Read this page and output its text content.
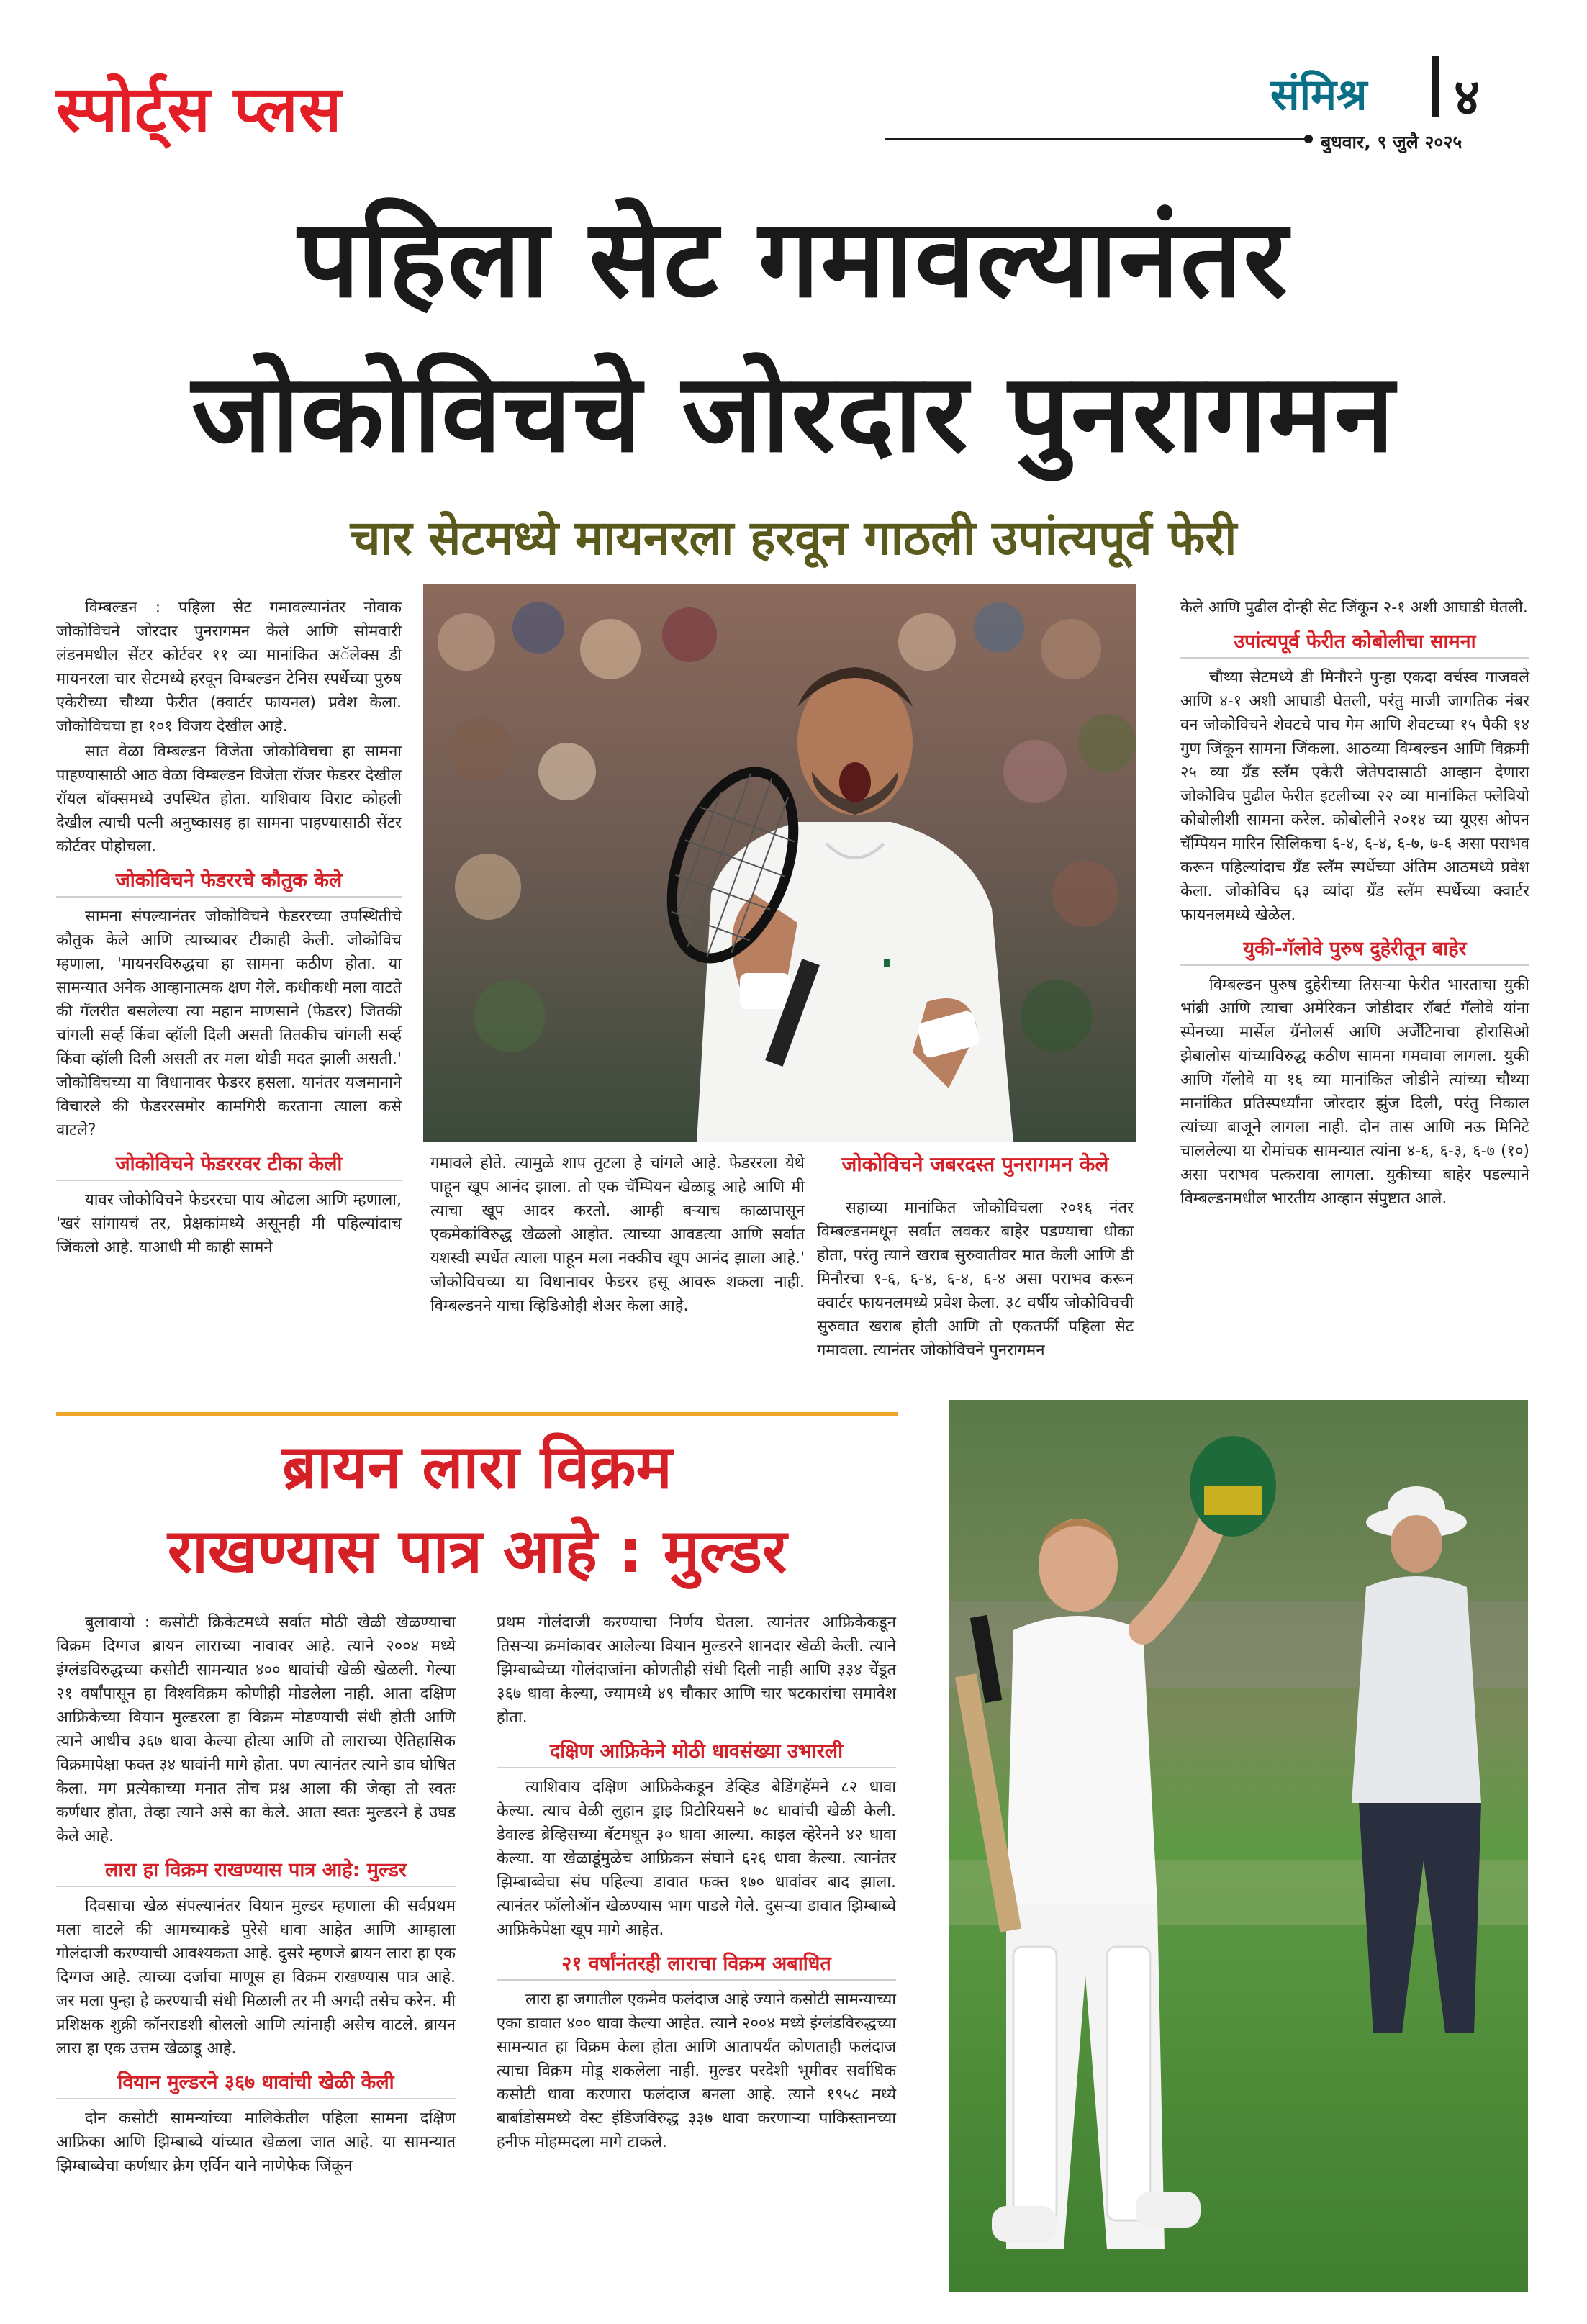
स्पोर्ट्स प्लस	संमिश्र ४
बुधवार, ९ जुलै २०२५
पहिला सेट गमावल्यानंतर
जोकोविचचे जोरदार पुनरागमन
चार सेटमध्ये मायनरला हरवून गाठली उपांत्यपूर्व फेरी

विम्बल्डन : पहिला सेट गमावल्यानंतर नोवाक जोकोविचने जोरदार पुनरागमन केले आणि सोमवारी लंडनमधील सेंटर कोर्टवर ११ व्या मानांकित अॅलेक्स डी मायनरला चार सेटमध्ये हरवून विम्बल्डन टेनिस स्पर्धेच्या पुरुष एकेरीच्या चौथ्या फेरीत (क्वार्टर फायनल) प्रवेश केला. जोकोविचचा हा १०१ विजय देखील आहे.

सात वेळा विम्बल्डन विजेता जोकोविचचा हा सामना पाहण्यासाठी आठ वेळा विम्बल्डन विजेता रॉजर फेडरर देखील रॉयल बॉक्समध्ये उपस्थित होता. याशिवाय विराट कोहली देखील त्याची पत्नी अनुष्कासह हा सामना पाहण्यासाठी सेंटर कोर्टवर पोहोचला.

जोकोविचने फेडररचे कौतुक केले

सामना संपल्यानंतर जोकोविचने फेडररच्या उपस्थितीचे कौतुक केले आणि त्याच्यावर टीकाही केली. जोकोविच म्हणाला, 'मायनरविरुद्धचा हा सामना कठीण होता. या सामन्यात अनेक आव्हानात्मक क्षण गेले. कधीकधी मला वाटते की गॅलरीत बसलेल्या त्या महान माणसाने (फेडरर) जितकी चांगली सर्व्ह किंवा व्हॉली दिली असती तितकीच चांगली सर्व्ह किंवा व्हॉली दिली असती तर मला थोडी मदत झाली असती.' जोकोविचच्या या विधानावर फेडरर हसला. यानंतर यजमानाने विचारले की फेडररसमोर कामगिरी करताना त्याला कसे वाटले?

जोकोविचने फेडररवर टीका केली

यावर जोकोविचने फेडररचा पाय ओढला आणि म्हणाला, 'खरं सांगायचं तर, प्रेक्षकांमध्ये असूनही मी पहिल्यांदाच जिंकलो आहे. याआधी मी काही सामने

जोकोविचने जबरदस्त पुनरागमन केले

गमावले होते. त्यामुळे शाप तुटला हे चांगले आहे. फेडररला येथे पाहून खूप आनंद झाला. तो एक चॅम्पियन खेळाडू आहे आणि मी त्याचा खूप आदर करतो. आम्ही बऱ्याच काळापासून एकमेकांविरुद्ध खेळलो आहोत. त्याच्या आवडत्या आणि सर्वात यशस्वी स्पर्धेत त्याला पाहून मला नक्कीच खूप आनंद झाला आहे.' जोकोविचच्या या विधानावर फेडरर हसू आवरू शकला नाही. विम्बल्डनने याचा व्हिडिओही शेअर केला आहे.

सहाव्या मानांकित जोकोविचला २०१६ नंतर विम्बल्डनमधून सर्वात लवकर बाहेर पडण्याचा धोका होता, परंतु त्याने खराब सुरुवातीवर मात केली आणि डी मिनौरचा १-६, ६-४, ६-४, ६-४ असा पराभव करून क्वार्टर फायनलमध्ये प्रवेश केला. ३८ वर्षीय जोकोविचची सुरुवात खराब होती आणि तो एकतर्फी पहिला सेट गमावला. त्यानंतर जोकोविचने पुनरागमन

केले आणि पुढील दोन्ही सेट जिंकून २-१ अशी आघाडी घेतली.

उपांत्यपूर्व फेरीत कोबोलीचा सामना

चौथ्या सेटमध्ये डी मिनौरने पुन्हा एकदा वर्चस्व गाजवले आणि ४-१ अशी आघाडी घेतली, परंतु माजी जागतिक नंबर वन जोकोविचने शेवटचे पाच गेम आणि शेवटच्या १५ पैकी १४ गुण जिंकून सामना जिंकला. आठव्या विम्बल्डन आणि विक्रमी २५ व्या ग्रँड स्लॅम एकेरी जेतेपदासाठी आव्हान देणारा जोकोविच पुढील फेरीत इटलीच्या २२ व्या मानांकित फ्लेवियो कोबोलीशी सामना करेल. कोबोलीने २०१४ च्या यूएस ओपन चॅम्पियन मारिन सिलिकचा ६-४, ६-४, ६-७, ७-६ असा पराभव करून पहिल्यांदाच ग्रँड स्लॅम स्पर्धेच्या अंतिम आठमध्ये प्रवेश केला. जोकोविच ६३ व्यांदा ग्रँड स्लॅम स्पर्धेच्या क्वार्टर फायनलमध्ये खेळेल.

युकी-गॅलोवे पुरुष दुहेरीतून बाहेर

विम्बल्डन पुरुष दुहेरीच्या तिसऱ्या फेरीत भारताचा युकी भांब्री आणि त्याचा अमेरिकन जोडीदार रॉबर्ट गॅलोवे यांना स्पेनच्या मार्सेल ग्रॅनोलर्स आणि अर्जेंटिनाचा होरासिओ झेबालोस यांच्याविरुद्ध कठीण सामना गमवावा लागला. युकी आणि गॅलोवे या १६ व्या मानांकित जोडीने त्यांच्या चौथ्या मानांकित प्रतिस्पर्ध्यांना जोरदार झुंज दिली, परंतु निकाल त्यांच्या बाजूने लागला नाही. दोन तास आणि नऊ मिनिटे चाललेल्या या रोमांचक सामन्यात त्यांना ४-६, ६-३, ६-७ (१०) असा पराभव पत्करावा लागला. युकीच्या बाहेर पडल्याने विम्बल्डनमधील भारतीय आव्हान संपुष्टात आले.

ब्रायन लारा विक्रम
राखण्यास पात्र आहे : मुल्डर

बुलावायो : कसोटी क्रिकेटमध्ये सर्वात मोठी खेळी खेळण्याचा विक्रम दिग्गज ब्रायन लाराच्या नावावर आहे. त्याने २००४ मध्ये इंग्लंडविरुद्धच्या कसोटी सामन्यात ४०० धावांची खेळी खेळली. गेल्या २१ वर्षांपासून हा विश्वविक्रम कोणीही मोडलेला नाही. आता दक्षिण आफ्रिकेच्या वियान मुल्डरला हा विक्रम मोडण्याची संधी होती आणि त्याने आधीच ३६७ धावा केल्या होत्या आणि तो लाराच्या ऐतिहासिक विक्रमापेक्षा फक्त ३४ धावांनी मागे होता. पण त्यानंतर त्याने डाव घोषित केला. मग प्रत्येकाच्या मनात तोच प्रश्न आला की जेव्हा तो स्वतः कर्णधार होता, तेव्हा त्याने असे का केले. आता स्वतः मुल्डरने हे उघड केले आहे.

लारा हा विक्रम राखण्यास पात्र आहे: मुल्डर

दिवसाचा खेळ संपल्यानंतर वियान मुल्डर म्हणाला की सर्वप्रथम मला वाटले की आमच्याकडे पुरेसे धावा आहेत आणि आम्हाला गोलंदाजी करण्याची आवश्यकता आहे. दुसरे म्हणजे ब्रायन लारा हा एक दिग्गज आहे. त्याच्या दर्जाचा माणूस हा विक्रम राखण्यास पात्र आहे. जर मला पुन्हा हे करण्याची संधी मिळाली तर मी अगदी तसेच करेन. मी प्रशिक्षक शुक्री कॉनराडशी बोललो आणि त्यांनाही असेच वाटले. ब्रायन लारा हा एक उत्तम खेळाडू आहे.

वियान मुल्डरने ३६७ धावांची खेळी केली

दोन कसोटी सामन्यांच्या मालिकेतील पहिला सामना दक्षिण आफ्रिका आणि झिम्बाब्वे यांच्यात खेळला जात आहे. या सामन्यात झिम्बाब्वेचा कर्णधार क्रेग एर्विन याने नाणेफेक जिंकून

प्रथम गोलंदाजी करण्याचा निर्णय घेतला. त्यानंतर आफ्रिकेकडून तिसऱ्या क्रमांकावर आलेल्या वियान मुल्डरने शानदार खेळी केली. त्याने झिम्बाब्वेच्या गोलंदाजांना कोणतीही संधी दिली नाही आणि ३३४ चेंडूत ३६७ धावा केल्या, ज्यामध्ये ४९ चौकार आणि चार षटकारांचा समावेश होता.

दक्षिण आफ्रिकेने मोठी धावसंख्या उभारली

त्याशिवाय दक्षिण आफ्रिकेकडून डेव्हिड बेडिंगहॅमने ८२ धावा केल्या. त्याच वेळी लुहान ड्राइ प्रिटोरियसने ७८ धावांची खेळी केली. डेवाल्ड ब्रेव्हिसच्या बॅटमधून ३० धावा आल्या. काइल व्हेरेनने ४२ धावा केल्या. या खेळाडूंमुळेच आफ्रिकन संघाने ६२६ धावा केल्या. त्यानंतर झिम्बाब्वेचा संघ पहिल्या डावात फक्त १७० धावांवर बाद झाला. त्यानंतर फॉलोऑन खेळण्यास भाग पाडले गेले. दुसऱ्या डावात झिम्बाब्वे आफ्रिकेपेक्षा खूप मागे आहेत.

२१ वर्षांनंतरही लाराचा विक्रम अबाधित

लारा हा जगातील एकमेव फलंदाज आहे ज्याने कसोटी सामन्याच्या एका डावात ४०० धावा केल्या आहेत. त्याने २००४ मध्ये इंग्लंडविरुद्धच्या सामन्यात हा विक्रम केला होता आणि आतापर्यंत कोणताही फलंदाज त्याचा विक्रम मोडू शकलेला नाही. मुल्डर परदेशी भूमीवर सर्वाधिक कसोटी धावा करणारा फलंदाज बनला आहे. त्याने १९५८ मध्ये बार्बाडोसमध्ये वेस्ट इंडिजविरुद्ध ३३७ धावा करणाऱ्या पाकिस्तानच्या हनीफ मोहम्मदला मागे टाकले.
